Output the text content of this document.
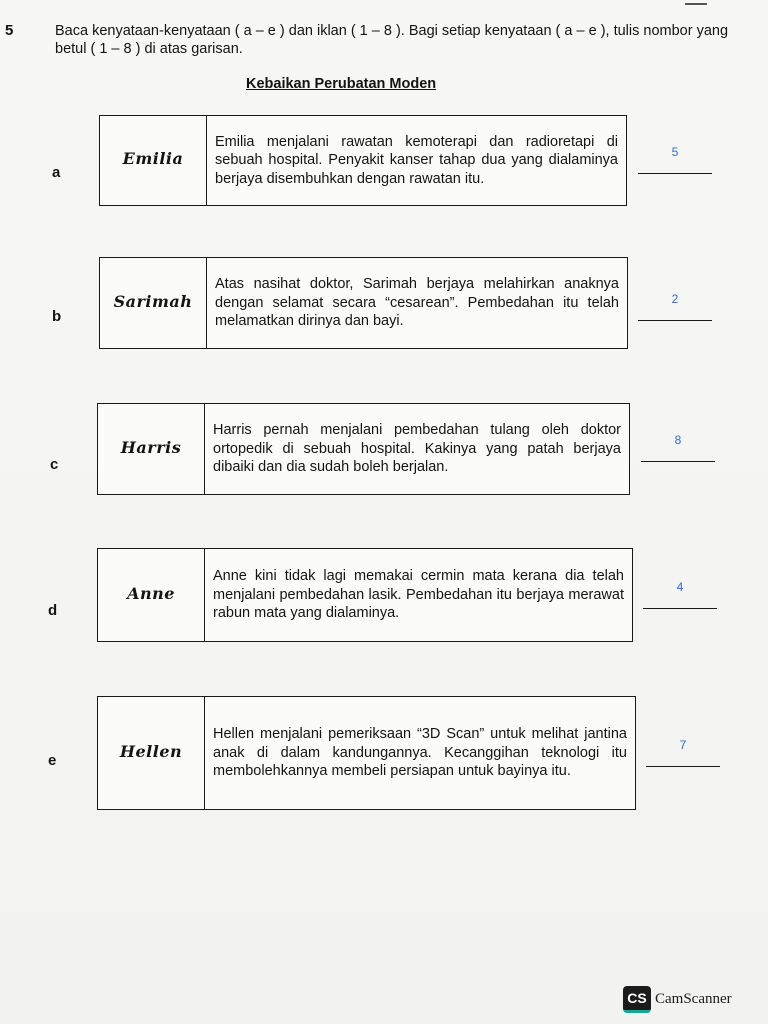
5	Baca kenyataan-kenyataan ( a – e ) dan iklan ( 1 – 8 ). Bagi setiap kenyataan ( a – e ), tulis nombor yang betul ( 1 – 8 ) di atas garisan.
Kebaikan Perubatan Moden
a
Emilia
Emilia menjalani rawatan kemoterapi dan radioretapi di sebuah hospital. Penyakit kanser tahap dua yang dialaminya berjaya disembuhkan dengan rawatan itu.
5
b
Sarimah
Atas nasihat doktor, Sarimah berjaya melahirkan anaknya dengan selamat secara “cesarean”. Pembedahan itu telah melamatkan dirinya dan bayi.
2
c
Harris
Harris pernah menjalani pembedahan tulang oleh doktor ortopedik di sebuah hospital. Kakinya yang patah berjaya dibaiki dan dia sudah boleh berjalan.
8
d
Anne
Anne kini tidak lagi memakai cermin mata kerana dia telah menjalani pembedahan lasik. Pembedahan itu berjaya merawat rabun mata yang dialaminya.
4
e	Hellen
Hellen menjalani pemeriksaan “3D Scan” untuk melihat jantina anak di dalam kandungannya. Kecanggihan teknologi itu membolehkannya membeli persiapan untuk bayinya itu.
7
CS CamScanner
